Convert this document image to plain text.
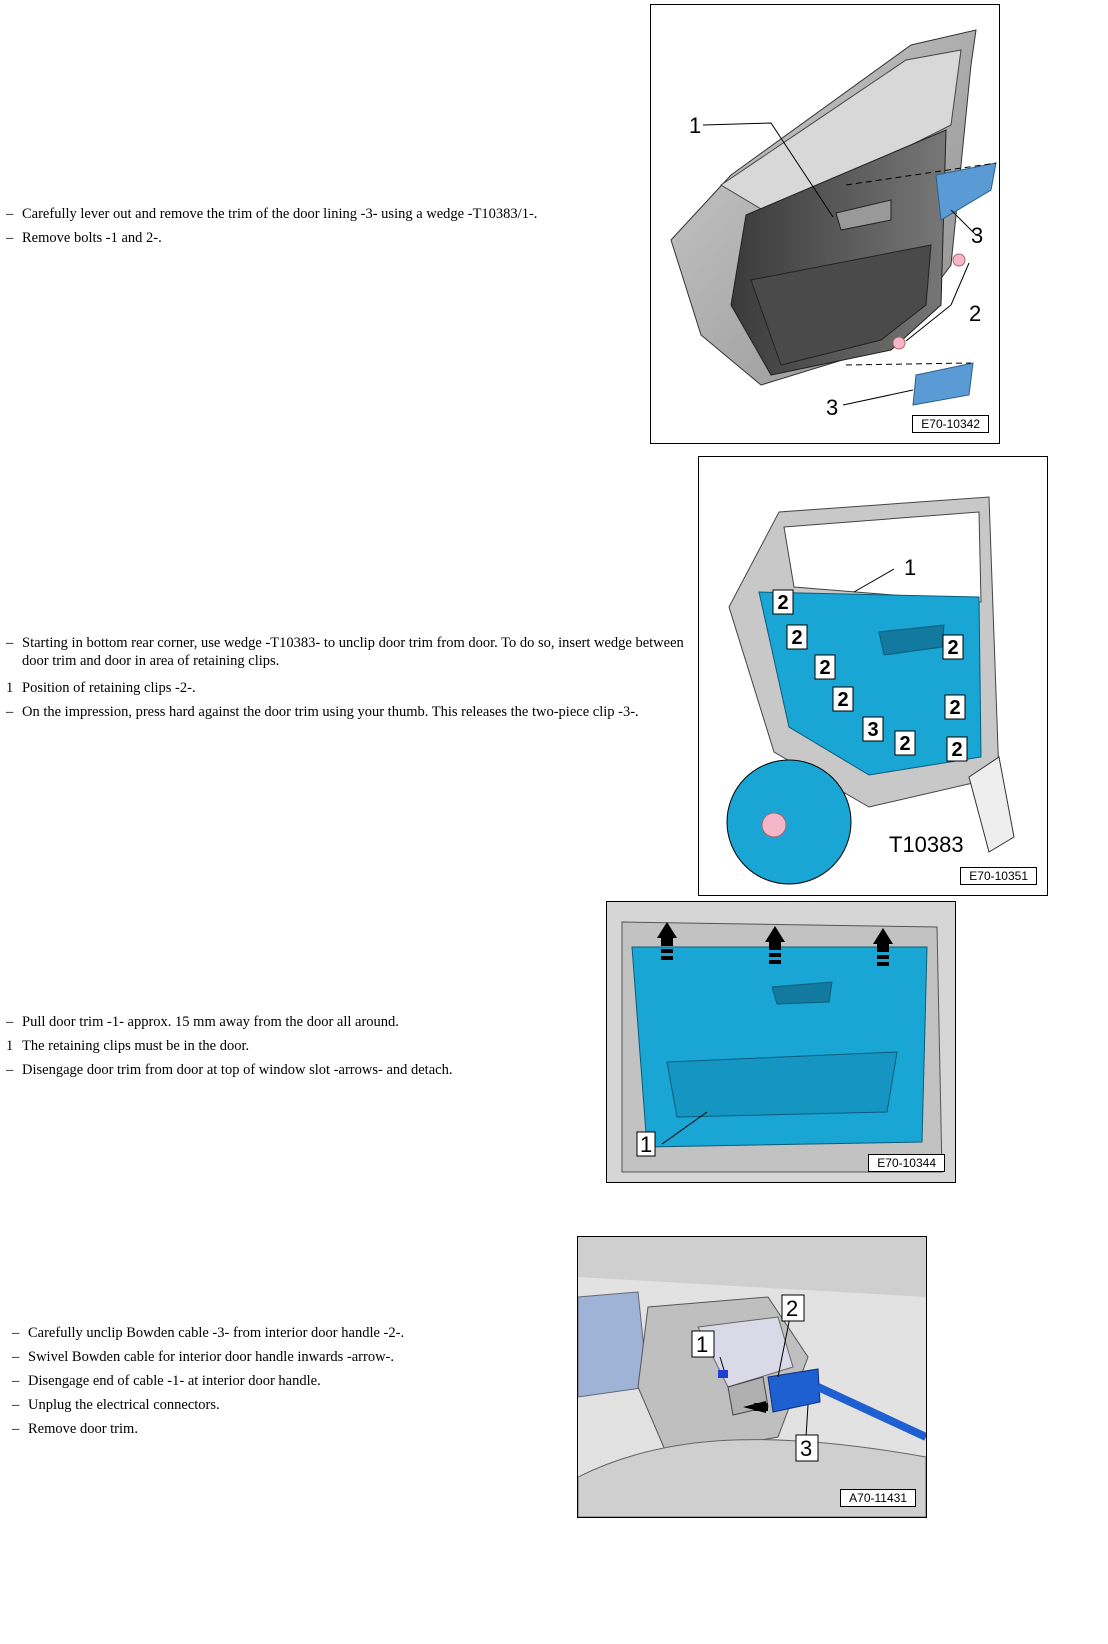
– Carefully lever out and remove the trim of the door lining -3- using a wedge -T10383/1-.
– Remove bolts -1 and 2-.
1
2
3
3
E70-10342
– Starting in bottom rear corner, use wedge -T10383- to unclip door trim from door. To do so, insert wedge between door trim and door in area of retaining clips.
1 Position of retaining clips -2-.
– On the impression, press hard against the door trim using your thumb. This releases the two-piece clip -3-.
2
2
2
2
3
2
2
2
2
1
T10383
E70-10351
– Pull door trim -1- approx. 15 mm away from the door all around.
1 The retaining clips must be in the door.
– Disengage door trim from door at top of window slot -arrows- and detach.
1
E70-10344
– Carefully unclip Bowden cable -3- from interior door handle -2-.
– Swivel Bowden cable for interior door handle inwards -arrow-.
– Disengage end of cable -1- at interior door handle.
– Unplug the electrical connectors.
– Remove door trim.
1
2
3
A70-11431
